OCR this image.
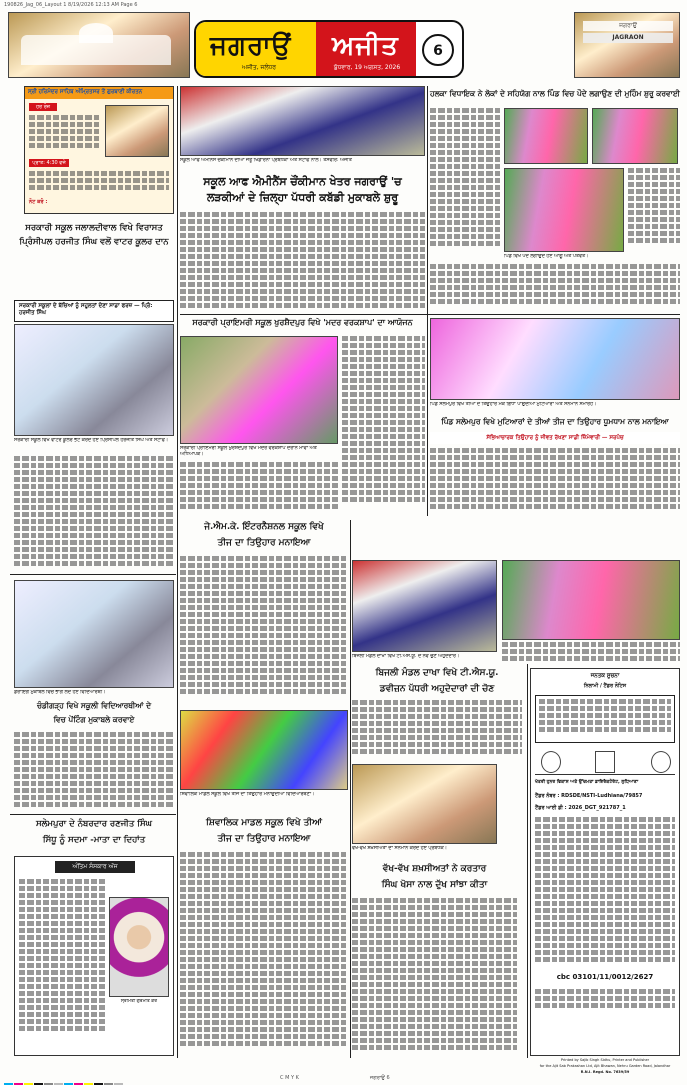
190826_Jag_06_Layout 1 8/19/2026 12:13 AM Page 6
ਜਗਰਾਉਂ ਅਜੀਤ
ਅਜੀਤ, ਜਲੰਧਰ	ਬੁੱਧਵਾਰ, 19 ਅਗਸਤ, 2026
6
ਜਗਰਾਉਂ
JAGRAON
ਸ੍ਰੀ ਹਰਿਮੰਦਰ ਸਾਹਿਬ ਅੰਮ੍ਰਿਤਸਰ ਤੋਂ ਗੁਰਬਾਣੀ ਕੀਰਤਨ
ਹਰ ਰੋਜ਼
ਪ੍ਰਾਤ: 4:30 ਵਜੇ
ਨੋਟ ਕਰੋ :
ਸਕੂਲ ਆਫ ਐਮੀਨੈਂਸ ਚੌਂਕੀਮਾਨ ਦੀਆਂ ਜੇਤੂ ਖਿਡਾਰਨਾਂ ਪ੍ਰਬੰਧਕਾਂ ਅਤੇ ਸਟਾਫ ਨਾਲ। ਤਸਵੀਰ: ਅਜੀਤ
ਸਕੂਲ ਆਫ ਐਮੀਨੈਂਸ ਚੌਂਕੀਮਾਨ ਖੇਤਰ ਜਗਰਾਉਂ 'ਚ
ਲੜਕੀਆਂ ਦੇ ਜ਼ਿਲ੍ਹਾ ਪੱਧਰੀ ਕਬੱਡੀ ਮੁਕਾਬਲੇ ਸ਼ੁਰੂ
ਹਲਕਾ ਵਿਧਾਇਕ ਨੇ ਲੋਕਾਂ ਦੇ ਸਹਿਯੋਗ ਨਾਲ ਪਿੰਡ ਵਿਚ ਪੌਦੇ ਲਗਾਉਣ ਦੀ ਮੁਹਿੰਮ ਸ਼ੁਰੂ ਕਰਵਾਈ
ਪਿੰਡ ਵਿਖੇ ਪੌਦੇ ਲਗਾਉਂਦੇ ਹੋਏ ਆਗੂ ਅਤੇ ਪਤਵੰਤੇ।
ਸਰਕਾਰੀ ਸਕੂਲ ਜਲਾਲਦੀਵਾਲ ਵਿਖੇ ਵਿਰਾਸਤ
ਪ੍ਰਿੰਸੀਪਲ ਹਰਜੀਤ ਸਿੰਘ ਵਲੋਂ ਵਾਟਰ ਕੂਲਰ ਦਾਨ
ਸਰਕਾਰੀ ਸਕੂਲਾਂ ਦੇ ਬੱਚਿਆਂ ਨੂੰ ਸਹੂਲਤਾਂ ਦੇਣਾ ਸਾਡਾ ਫਰਜ਼ — ਪ੍ਰਿੰ: ਹਰਜੀਤ ਸਿੰਘ
ਸਰਕਾਰੀ ਸਕੂਲ ਵਿਖੇ ਵਾਟਰ ਕੂਲਰ ਭੇਟ ਕਰਦੇ ਹੋਏ ਪ੍ਰਿੰਸੀਪਲ ਹਰਜੀਤ ਸਿੰਘ ਅਤੇ ਸਟਾਫ।
ਸਰਕਾਰੀ ਪ੍ਰਾਇਮਰੀ ਸਕੂਲ ਖੁਰਸ਼ੈਦਪੁਰ ਵਿਖੇ 'ਮਦਰ ਵਰਕਸ਼ਾਪ' ਦਾ ਆਯੋਜਨ
ਸਰਕਾਰੀ ਪ੍ਰਾਇਮਰੀ ਸਕੂਲ ਖੁਰਸ਼ੈਦਪੁਰ ਵਿਖੇ ਮਦਰ ਵਰਕਸ਼ਾਪ ਦੌਰਾਨ ਮਾਵਾਂ ਅਤੇ ਅਧਿਆਪਕ।
ਪਿੰਡ ਸਲੇਮਪੁਰ ਵਿਖੇ ਤੀਆਂ ਦੇ ਤਿਉਹਾਰ ਮੌਕੇ ਗਿੱਧਾ ਪਾਉਂਦੀਆਂ ਮੁਟਿਆਰਾਂ ਅਤੇ ਸਨਮਾਨ ਸਮਾਰੋਹ।
ਪਿੰਡ ਸਲੇਮਪੁਰ ਵਿਖੇ ਮੁਟਿਆਰਾਂ ਦੇ ਤੀਆਂ ਤੀਜ ਦਾ ਤਿਉਹਾਰ ਧੂਮਧਾਮ ਨਾਲ ਮਨਾਇਆ
ਸੱਭਿਆਚਾਰਕ ਤਿਉਹਾਰ ਨੂੰ ਜੀਵਤ ਰੱਖਣਾ ਸਾਡੀ ਜ਼ਿੰਮੇਵਾਰੀ — ਸਰਪੰਚ
ਜੇ.ਐਮ.ਕੇ. ਇੰਟਰਨੈਸ਼ਨਲ ਸਕੂਲ ਵਿਖੇ
ਤੀਜ ਦਾ ਤਿਉਹਾਰ ਮਨਾਇਆ
ਬਿਜਲੀ ਮੰਡਲ ਦਾਖਾ ਵਿਖੇ ਟੀ.ਐਸ.ਯੂ. ਦੇ ਨਵੇਂ ਚੁਣੇ ਅਹੁਦੇਦਾਰ।
ਬਿਜਲੀ ਮੰਡਲ ਦਾਖਾ ਵਿਖੇ ਟੀ.ਐਸ.ਯੂ.
ਡਵੀਜ਼ਨ ਪੱਧਰੀ ਅਹੁਦੇਦਾਰਾਂ ਦੀ ਚੋਣ
ਡਰਾਇੰਗ ਮੁਕਾਬਲੇ ਵਿਚ ਭਾਗ ਲੈਂਦੇ ਹੋਏ ਵਿਦਿਆਰਥੀ।
ਚੰਡੀਗੜ੍ਹ ਵਿਖੇ ਸਕੂਲੀ ਵਿਦਿਆਰਥੀਆਂ ਦੇ
ਵਿਚ ਪੇਂਟਿੰਗ ਮੁਕਾਬਲੇ ਕਰਵਾਏ
ਸ਼ਿਵਾਲਿਕ ਮਾਡਲ ਸਕੂਲ ਵਿਖੇ ਤੀਜ ਦਾ ਤਿਉਹਾਰ ਮਨਾਉਂਦੀਆਂ ਵਿਦਿਆਰਥਣਾਂ।
ਵੱਖ-ਵੱਖ ਸ਼ਖ਼ਸੀਅਤਾਂ ਦਾ ਸਨਮਾਨ ਕਰਦੇ ਹੋਏ ਪ੍ਰਬੰਧਕ।
ਵੱਖ-ਵੱਖ ਸ਼ਖ਼ਸੀਅਤਾਂ ਨੇ ਕਰਤਾਰ
ਸਿੰਘ ਖੋਸਾ ਨਾਲ ਦੁੱਖ ਸਾਂਝਾ ਕੀਤਾ
ਸ਼ਿਵਾਲਿਕ ਮਾਡਲ ਸਕੂਲ ਵਿਖੇ ਤੀਆਂ
ਤੀਜ ਦਾ ਤਿਉਹਾਰ ਮਨਾਇਆ
ਸਲੇਮਪੁਰਾ ਦੇ ਨੰਬਰਦਾਰ ਰਣਜੀਤ ਸਿੰਘ
ਸਿੱਧੂ ਨੂੰ ਸਦਮਾ -ਮਾਤਾ ਦਾ ਦਿਹਾਂਤ
ਅੰਤਿਮ ਸੰਸਕਾਰ ਅੱਜ
ਸ੍ਰੀਮਤੀ ਗੁਰਮੀਤ ਕੌਰ
ਜਨਤਕ ਸੂਚਨਾ
ਨਿਲਾਮੀ / ਟੈਂਡਰ ਨੋਟਿਸ
ਖੇਤਰੀ ਹੁਨਰ ਵਿਕਾਸ ਅਤੇ ਉੱਦਮਤਾ ਡਾਇਰੈਕਟੋਰੇਟ, ਲੁਧਿਆਣਾ
ਟੈਂਡਰ ਨੰਬਰ : RDSDE/NSTI-Ludhiana/79857
ਟੈਂਡਰ ਆਈ ਡੀ : 2026_DGT_921787_1
cbc 03101/11/0012/2627
Printed by Sajib Singh Sidhu, Printer and Publisher
for the Ajit Sab Prakashan Ltd, Ajit Bhawan, Nehru Garden Road, Jalandhar
R.N.I. Regd. No. 7639/59
C M Y K	ਜਗਰਾਉਂ 6
